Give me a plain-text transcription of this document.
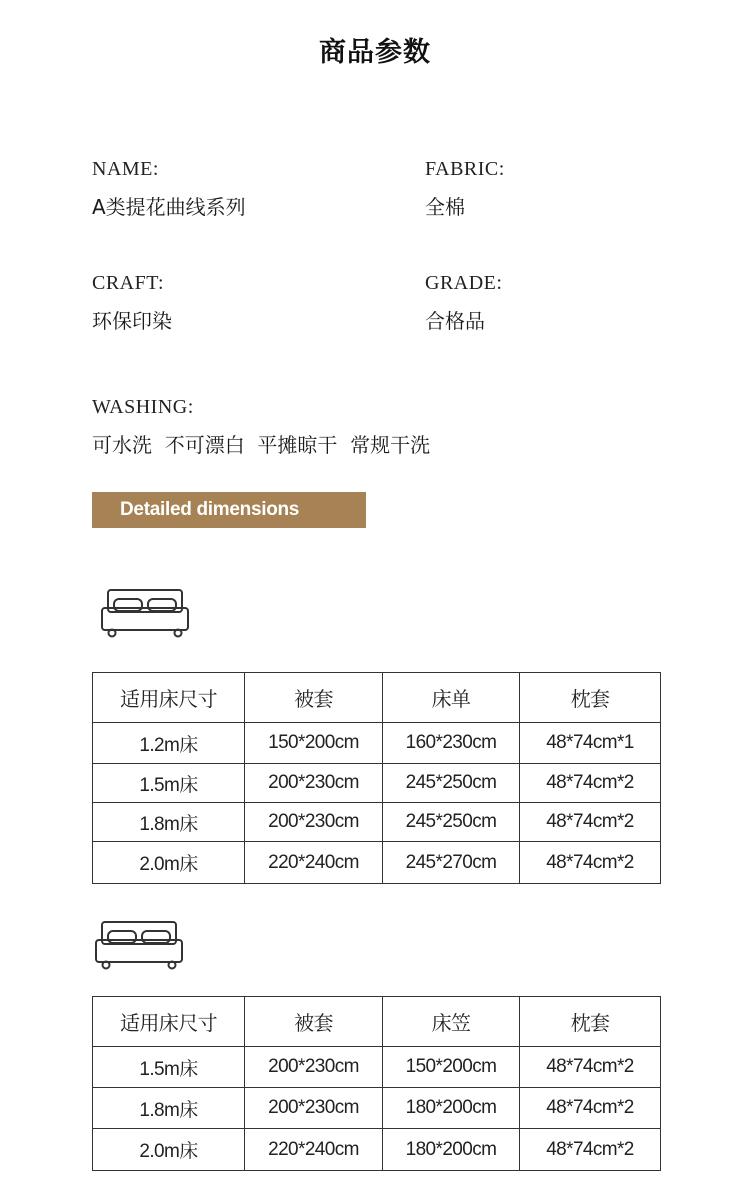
商品参数
NAME:
A类提花曲线系列
FABRIC:
全棉
CRAFT:
环保印染
GRADE:
合格品
WASHING:
可水洗  不可漂白  平摊晾干  常规干洗
Detailed dimensions
适用床尺寸	被套	床单	枕套
1.2m床	150*200cm	160*230cm	48*74cm*1
1.5m床	200*230cm	245*250cm	48*74cm*2
1.8m床	200*230cm	245*250cm	48*74cm*2
2.0m床	220*240cm	245*270cm	48*74cm*2
适用床尺寸	被套	床笠	枕套
1.5m床	200*230cm	150*200cm	48*74cm*2
1.8m床	200*230cm	180*200cm	48*74cm*2
2.0m床	220*240cm	180*200cm	48*74cm*2
